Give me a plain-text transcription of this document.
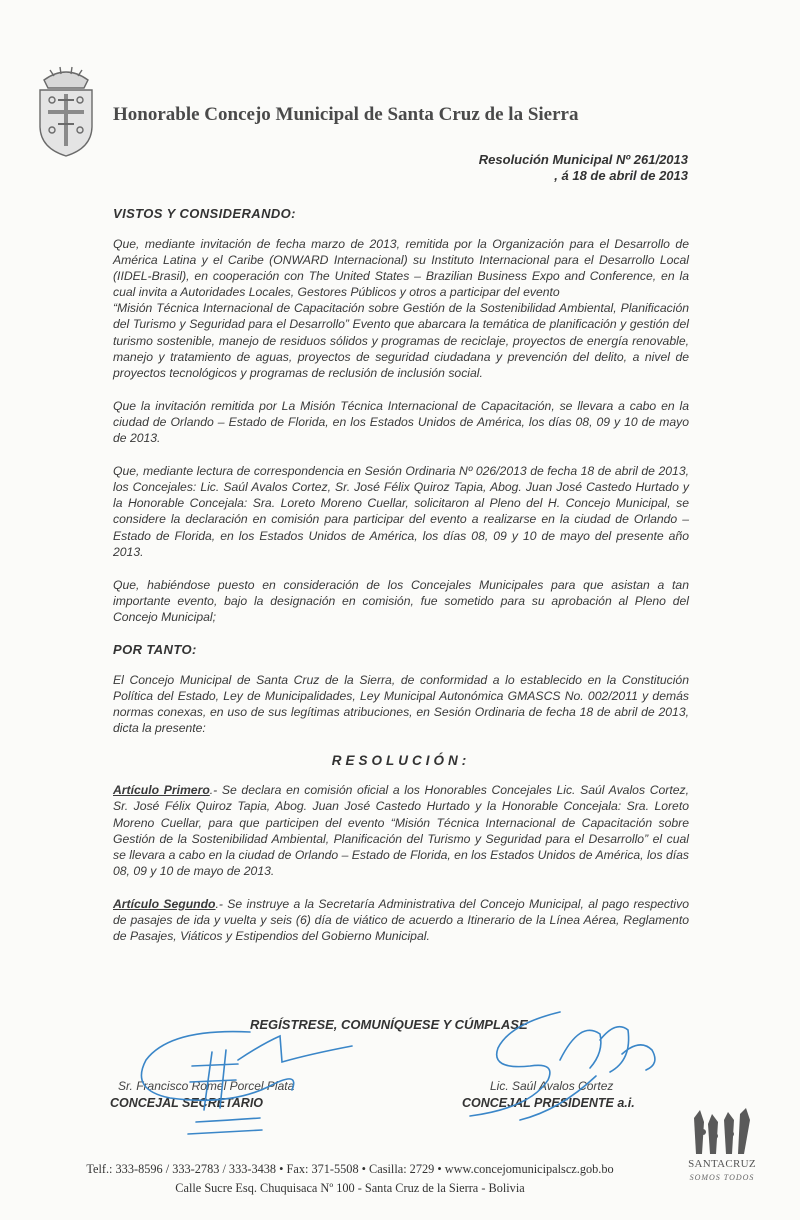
Honorable Concejo Municipal de Santa Cruz de la Sierra
Resolución Municipal Nº 261/2013
, á 18 de abril de 2013
VISTOS Y CONSIDERANDO:

Que, mediante invitación de fecha marzo de 2013, remitida por la Organización para el Desarrollo de América Latina y el Caribe (ONWARD Internacional) su Instituto Internacional para el Desarrollo Local (IIDEL-Brasil), en cooperación con The United States – Brazilian Business Expo and Conference, en la cual invita a Autoridades Locales, Gestores Públicos y otros a participar del evento

“Misión Técnica Internacional de Capacitación sobre Gestión de la Sostenibilidad Ambiental, Planificación del Turismo y Seguridad para el Desarrollo” Evento que abarcara la temática de planificación y gestión del turismo sostenible, manejo de residuos sólidos y programas de reciclaje, proyectos de energía renovable, manejo y tratamiento de aguas, proyectos de seguridad ciudadana y prevención del delito, a nivel de proyectos tecnológicos y programas de reclusión de inclusión social.

Que la invitación remitida por La Misión Técnica Internacional de Capacitación, se llevara a cabo en la ciudad de Orlando – Estado de Florida, en los Estados Unidos de América, los días 08, 09 y 10 de mayo de 2013.

Que, mediante lectura de correspondencia en Sesión Ordinaria Nº 026/2013 de fecha 18 de abril de 2013, los Concejales: Lic. Saúl Avalos Cortez, Sr. José Félix Quiroz Tapia, Abog. Juan José Castedo Hurtado y la Honorable Concejala: Sra. Loreto Moreno Cuellar, solicitaron al Pleno del H. Concejo Municipal, se considere la declaración en comisión para participar del evento a realizarse en la ciudad de Orlando – Estado de Florida, en los Estados Unidos de América, los días 08, 09 y 10 de mayo del presente año 2013.

Que, habiéndose puesto en consideración de los Concejales Municipales para que asistan a tan importante evento, bajo la designación en comisión, fue sometido para su aprobación al Pleno del Concejo Municipal;

POR TANTO:

El Concejo Municipal de Santa Cruz de la Sierra, de conformidad a lo establecido en la Constitución Política del Estado, Ley de Municipalidades, Ley Municipal Autonómica GMASCS No. 002/2011 y demás normas conexas, en uso de sus legítimas atribuciones, en Sesión Ordinaria de fecha 18 de abril de 2013, dicta la presente:

RESOLUCIÓN:

Artículo Primero.- Se declara en comisión oficial a los Honorables Concejales Lic. Saúl Avalos Cortez, Sr. José Félix Quiroz Tapia, Abog. Juan José Castedo Hurtado y la Honorable Concejala: Sra. Loreto Moreno Cuellar, para que participen del evento “Misión Técnica Internacional de Capacitación sobre Gestión de la Sostenibilidad Ambiental, Planificación del Turismo y Seguridad para el Desarrollo” el cual se llevara a cabo en la ciudad de Orlando – Estado de Florida, en los Estados Unidos de América, los días 08, 09 y 10 de mayo de 2013.

Artículo Segundo.- Se instruye a la Secretaría Administrativa del Concejo Municipal, al pago respectivo de pasajes de ida y vuelta y seis (6) día de viático de acuerdo a Itinerario de la Línea Aérea, Reglamento de Pasajes, Viáticos y Estipendios del Gobierno Municipal.

REGÍSTRESE, COMUNÍQUESE Y CÚMPLASE
Sr. Francisco Romel Porcel Plata
CONCEJAL SECRETARIO
Lic. Saúl Avalos Cortez
CONCEJAL PRESIDENTE a.i.
Telf.: 333-8596 / 333-2783 / 333-3438 • Fax: 371-5508 • Casilla: 2729 • www.concejomunicipalscz.gob.bo
Calle Sucre Esq. Chuquisaca Nº 100 - Santa Cruz de la Sierra - Bolivia
SANTACRUZ
SOMOS TODOS
